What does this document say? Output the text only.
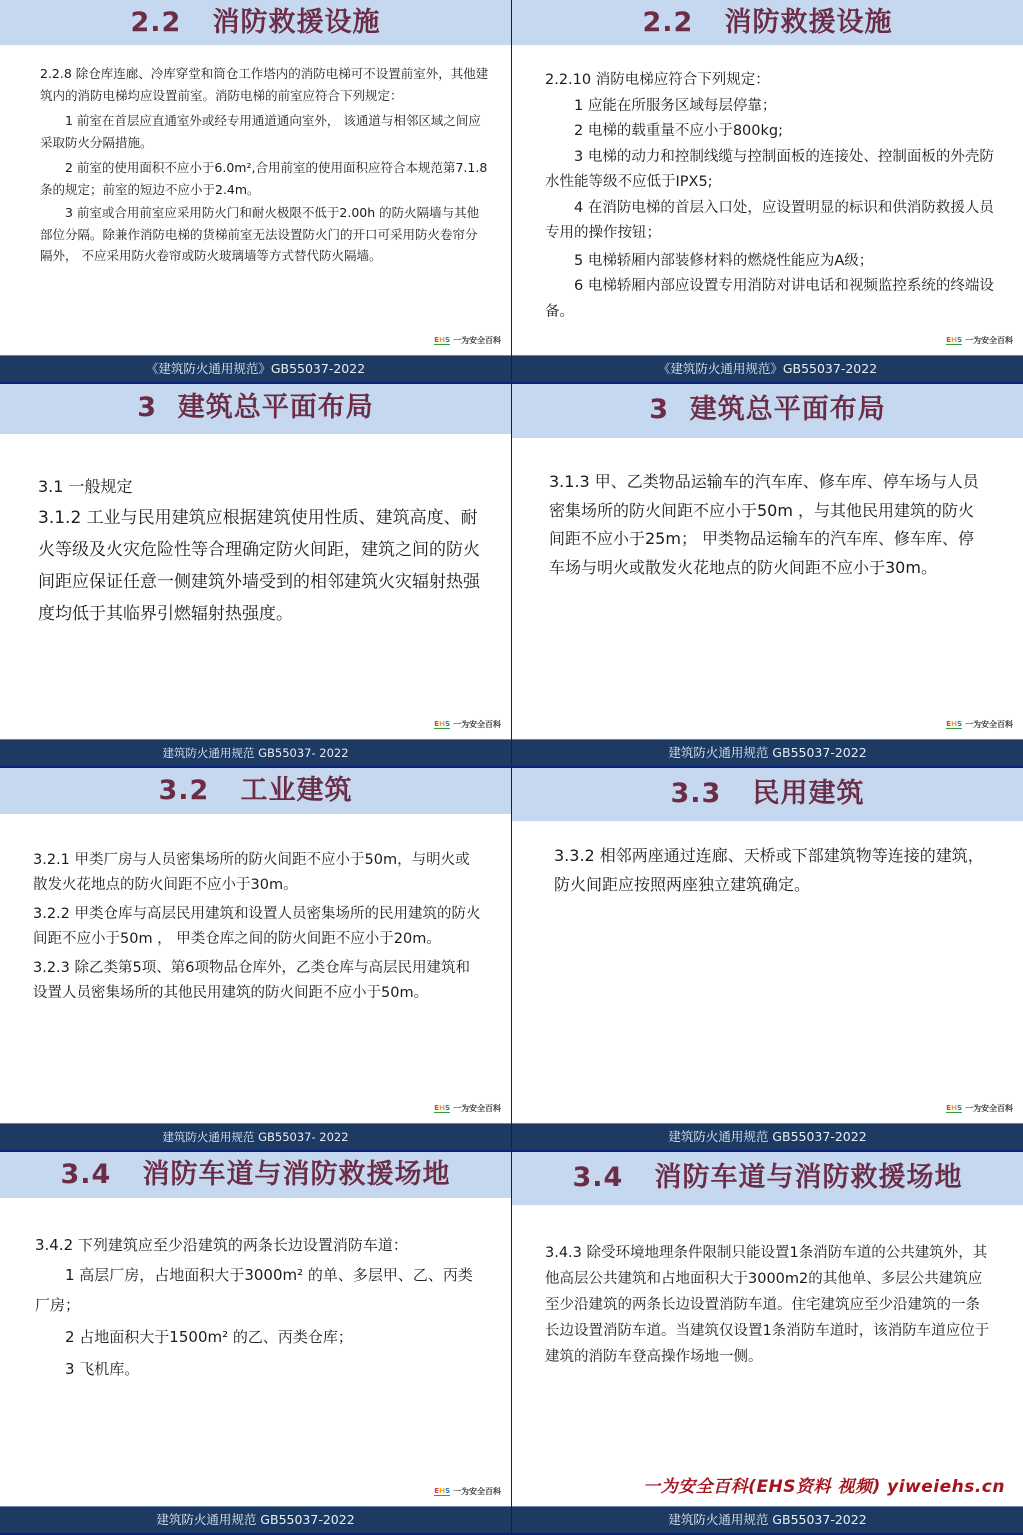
2.2   消防救援设施

2.2.8 除仓库连廊、冷库穿堂和筒仓工作塔内的消防电梯可不设置前室外，其他建筑内的消防电梯均应设置前室。消防电梯的前室应符合下列规定：

1 前室在首层应直通室外或经专用通道通向室外， 该通道与相邻区域之间应采取防火分隔措施。

2 前室的使用面积不应小于6.0m²,合用前室的使用面积应符合本规范第7.1.8条的规定；前室的短边不应小于2.4m。

3 前室或合用前室应采用防火门和耐火极限不低于2.00h 的防火隔墙与其他部位分隔。除兼作消防电梯的货梯前室无法设置防火门的开口可采用防火卷帘分隔外， 不应采用防火卷帘或防火玻璃墙等方式替代防火隔墙。

E H S 一为安全百科
《建筑防火通用规范》GB55037-2022
2.2   消防救援设施

2.2.10 消防电梯应符合下列规定：

1 应能在所服务区域每层停靠；

2 电梯的载重量不应小于800kg;

3 电梯的动力和控制线缆与控制面板的连接处、控制面板的外壳防水性能等级不应低于IPX5;

4 在消防电梯的首层入口处，应设置明显的标识和供消防救援人员专用的操作按钮；

5 电梯轿厢内部装修材料的燃烧性能应为A级；

6 电梯轿厢内部应设置专用消防对讲电话和视频监控系统的终端设备。

E H S 一为安全百科
《建筑防火通用规范》GB55037-2022
3  建筑总平面布局

3.1 一般规定

3.1.2 工业与民用建筑应根据建筑使用性质、建筑高度、耐火等级及火灾危险性等合理确定防火间距，建筑之间的防火间距应保证任意一侧建筑外墙受到的相邻建筑火灾辐射热强度均低于其临界引燃辐射热强度。

E H S 一为安全百科
建筑防火通用规范 GB55037- 2022
3  建筑总平面布局

3.1.3 甲、乙类物品运输车的汽车库、修车库、停车场与人员密集场所的防火间距不应小于50m ，与其他民用建筑的防火间距不应小于25m； 甲类物品运输车的汽车库、修车库、停车场与明火或散发火花地点的防火间距不应小于30m。

E H S 一为安全百科
建筑防火通用规范 GB55037-2022
3.2   工业建筑

3.2.1 甲类厂房与人员密集场所的防火间距不应小于50m，与明火或散发火花地点的防火间距不应小于30m。

3.2.2 甲类仓库与高层民用建筑和设置人员密集场所的民用建筑的防火间距不应小于50m ， 甲类仓库之间的防火间距不应小于20m。

3.2.3 除乙类第5项、第6项物品仓库外，乙类仓库与高层民用建筑和设置人员密集场所的其他民用建筑的防火间距不应小于50m。

E H S 一为安全百科
建筑防火通用规范 GB55037- 2022
3.3   民用建筑

3.3.2 相邻两座通过连廊、天桥或下部建筑物等连接的建筑，防火间距应按照两座独立建筑确定。

E H S 一为安全百科
建筑防火通用规范 GB55037-2022
3.4   消防车道与消防救援场地

3.4.2 下列建筑应至少沿建筑的两条长边设置消防车道：

1 高层厂房，占地面积大于3000m² 的单、多层甲、乙、丙类厂房；

2 占地面积大于1500m² 的乙、丙类仓库；

3 飞机库。

E H S 一为安全百科
建筑防火通用规范 GB55037-2022
3.4   消防车道与消防救援场地

3.4.3 除受环境地理条件限制只能设置1条消防车道的公共建筑外，其他高层公共建筑和占地面积大于3000m2的其他单、多层公共建筑应至少沿建筑的两条长边设置消防车道。住宅建筑应至少沿建筑的一条长边设置消防车道。当建筑仅设置1条消防车道时，该消防车道应位于建筑的消防车登高操作场地一侧。

一为安全百科(EHS资料 视频) yiweiehs.cn
建筑防火通用规范 GB55037-2022
